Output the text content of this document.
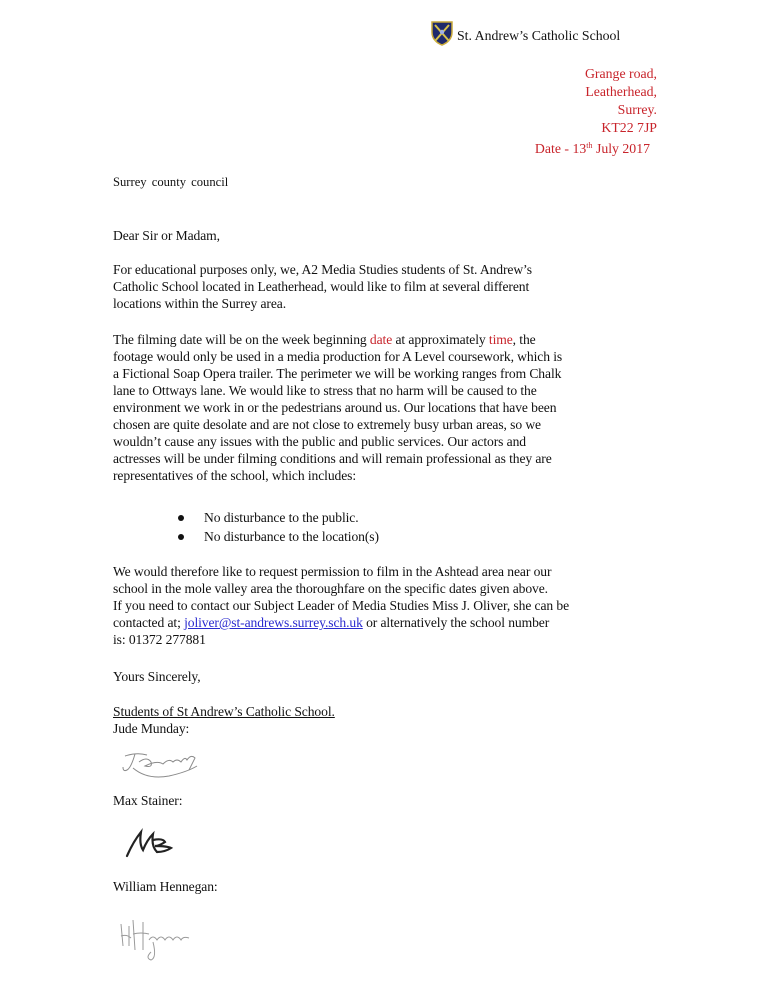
St. Andrew’s Catholic School
Grange road,
Leatherhead,
Surrey.
KT22 7JP
Date - 13th July 2017
Surrey county council
Dear Sir or Madam,
For educational purposes only, we, A2 Media Studies students of St. Andrew’s
Catholic School located in Leatherhead, would like to film at several different
locations within the Surrey area.
The filming date will be on the week beginning date at approximately time, the
footage would only be used in a media production for A Level coursework, which is
a Fictional Soap Opera trailer. The perimeter we will be working ranges from Chalk
lane to Ottways lane. We would like to stress that no harm will be caused to the
environment we work in or the pedestrians around us. Our locations that have been
chosen are quite desolate and are not close to extremely busy urban areas, so we
wouldn’t cause any issues with the public and public services. Our actors and
actresses will be under filming conditions and will remain professional as they are
representatives of the school, which includes:
No disturbance to the public.
No disturbance to the location(s)
We would therefore like to request permission to film in the Ashtead area near our
school in the mole valley area the thoroughfare on the specific dates given above.
If you need to contact our Subject Leader of Media Studies Miss J. Oliver, she can be
contacted at; joliver@st-andrews.surrey.sch.uk or alternatively the school number
is: 01372 277881
Yours Sincerely,
Students of St Andrew’s Catholic School.
Jude Munday:
Max Stainer:
William Hennegan:
